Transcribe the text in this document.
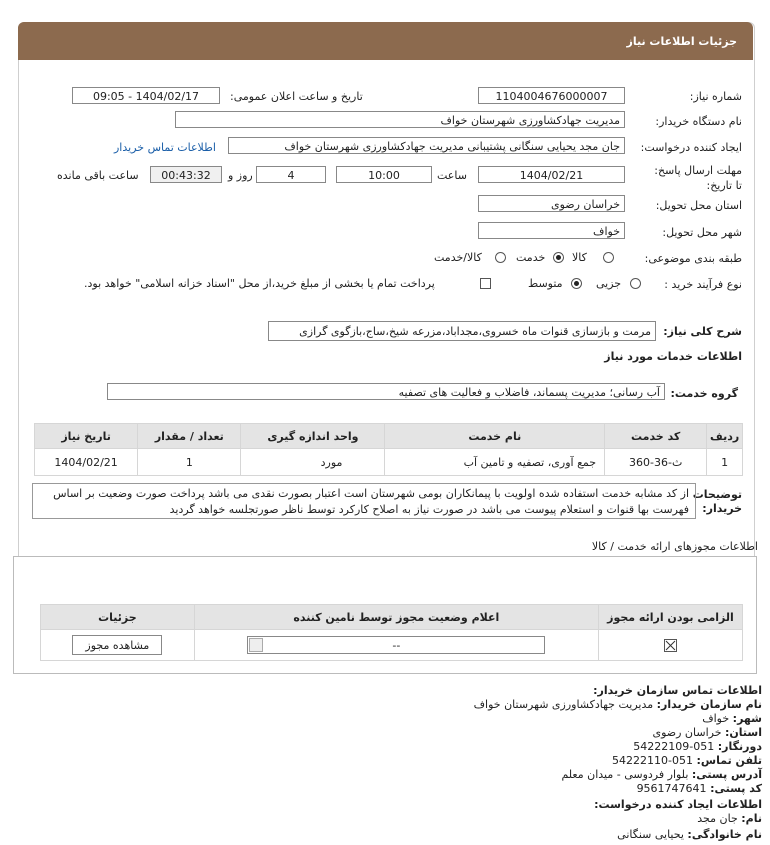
جزئیات اطلاعات نیاز
شماره نیاز:
1104004676000007
تاریخ و ساعت اعلان عمومی:
1404/02/17 - 09:05
نام دستگاه خریدار:
مدیریت جهادکشاورزی شهرستان خواف
ایجاد کننده درخواست:
جان مجد یحیایی سنگانی پشتیبانی مدیریت جهادکشاورزی شهرستان خواف
اطلاعات تماس خریدار
مهلت ارسال پاسخ: تا تاریخ:
1404/02/21
ساعت
10:00
4
روز و
00:43:32
ساعت باقی مانده
استان محل تحویل:
خراسان رضوی
شهر محل تحویل:
خواف
طبقه بندی موضوعی:
کالا
خدمت
کالا/خدمت
نوع فرآیند خرید :
جزیی
متوسط
پرداخت تمام یا بخشی از مبلغ خرید،از محل "اسناد خزانه اسلامی" خواهد بود.
شرح کلی نیاز:
مرمت و بازسازی قنوات ماه خسروی،مجداباد،مزرعه شیخ،ساج،بازگوی گرازی
اطلاعات خدمات مورد نیاز
گروه خدمت:
آب رسانی؛ مدیریت پسماند، فاضلاب و فعالیت های تصفیه
ردیف	کد خدمت	نام خدمت	واحد اندازه گیری	تعداد / مقدار	تاریخ نیاز
1	ث-36-360	جمع آوری، تصفیه و تامین آب	مورد	1	1404/02/21
توضیحات خریدار:
از کد مشابه خدمت استفاده شده اولویت با پیمانکاران بومی شهرستان است اعتبار بصورت نقدی می باشد پرداخت صورت وضعیت بر اساس فهرست بها قنوات و استعلام پیوست می باشد در صورت نیاز به اصلاح کارکرد توسط ناظر صورتجلسه خواهد گردید
اطلاعات مجوزهای ارائه خدمت / کالا
الزامی بودن ارائه مجوز	اعلام وضعیت مجوز توسط نامین کننده	جزئیات

	--	مشاهده مجوز
اطلاعات تماس سازمان خریدار:
نام سازمان خریدار: مدیریت جهادکشاورزی شهرستان خواف
شهر: خواف
استان: خراسان رضوی
دورنگار: 051-54222109
تلفن تماس: 051-54222110
آدرس پستی: بلوار فردوسی - میدان معلم
کد پستی: 9561747641
اطلاعات ایجاد کننده درخواست:
نام: جان مجد
نام خانوادگی: یحیایی سنگانی
